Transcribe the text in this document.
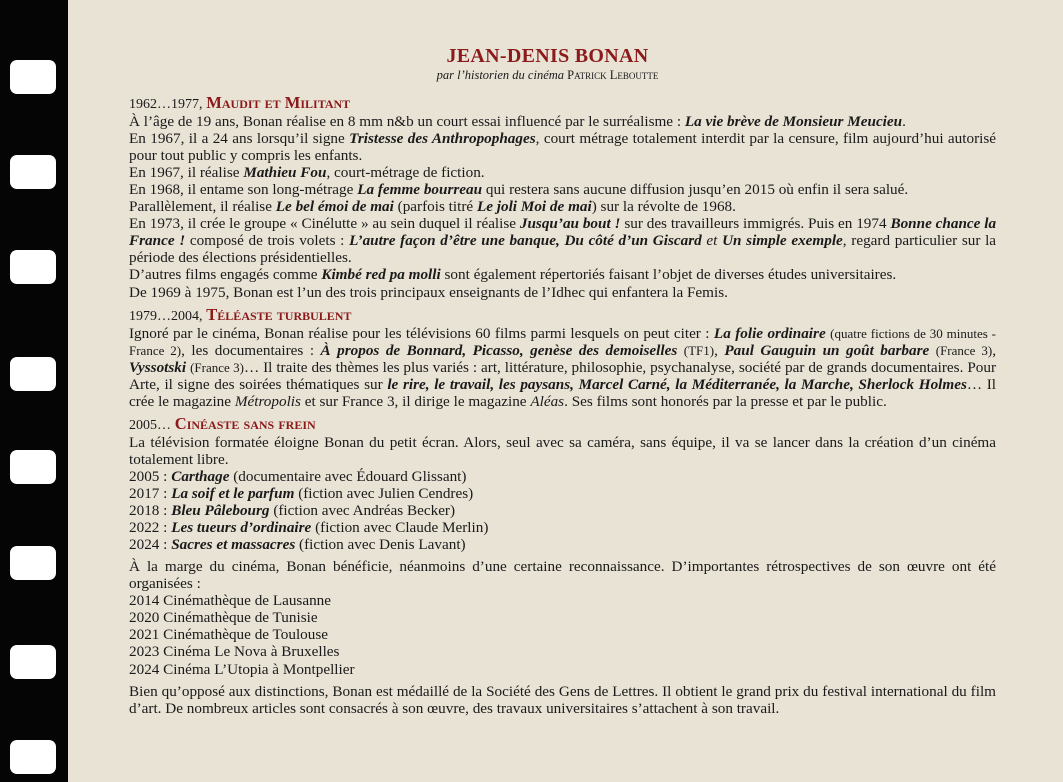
JEAN-DENIS BONAN
par l’historien du cinéma Patrick Leboutte
1962…1977, Maudit et Militant

À l’âge de 19 ans, Bonan réalise en 8 mm n&b un court essai influencé par le surréalisme : La vie brève de Monsieur Meucieu.

En 1967, il a 24 ans lorsqu’il signe Tristesse des Anthropophages, court métrage totalement interdit par la censure, film aujourd’hui autorisé pour tout public y compris les enfants.

En 1967, il réalise Mathieu Fou, court-métrage de fiction.

En 1968, il entame son long-métrage La femme bourreau qui restera sans aucune diffusion jusqu’en 2015 où enfin il sera salué.

Parallèlement, il réalise Le bel émoi de mai (parfois titré Le joli Moi de mai) sur la révolte de 1968.

En 1973, il crée le groupe « Cinélutte » au sein duquel il réalise Jusqu’au bout ! sur des travailleurs immigrés. Puis en 1974 Bonne chance la France ! composé de trois volets : L’autre façon d’être une banque, Du côté d’un Giscard et Un simple exemple, regard particulier sur la période des élections présidentielles.

D’autres films engagés comme Kimbé red pa molli sont également répertoriés faisant l’objet de diverses études universitaires.

De 1969 à 1975, Bonan est l’un des trois principaux enseignants de l’Idhec qui enfantera la Femis.

1979…2004, Téléaste turbulent

Ignoré par le cinéma, Bonan réalise pour les télévisions 60 films parmi lesquels on peut citer : La folie ordinaire (quatre fictions de 30 minutes - France 2), les documentaires : À propos de Bonnard, Picasso, genèse des demoiselles (TF1), Paul Gauguin un goût barbare (France 3), Vyssotski (France 3)… Il traite des thèmes les plus variés : art, littérature, philosophie, psychanalyse, société par de grands documentaires. Pour Arte, il signe des soirées thématiques sur le rire, le travail, les paysans, Marcel Carné, la Méditerranée, la Marche, Sherlock Holmes… Il crée le magazine Métropolis et sur France 3, il dirige le magazine Aléas. Ses films sont honorés par la presse et par le public.

2005… Cinéaste sans frein

La télévision formatée éloigne Bonan du petit écran. Alors, seul avec sa caméra, sans équipe, il va se lancer dans la création d’un cinéma totalement libre.

2005 : Carthage (documentaire avec Édouard Glissant)
2017 : La soif et le parfum (fiction avec Julien Cendres)
2018 : Bleu Pâlebourg (fiction avec Andréas Becker)
2022 : Les tueurs d’ordinaire (fiction avec Claude Merlin)
2024 : Sacres et massacres (fiction avec Denis Lavant)

À la marge du cinéma, Bonan bénéficie, néanmoins d’une certaine reconnaissance. D’importantes rétrospectives de son œuvre ont été organisées :

2014 Cinémathèque de Lausanne
2020 Cinémathèque de Tunisie
2021 Cinémathèque de Toulouse
2023 Cinéma Le Nova à Bruxelles
2024 Cinéma L’Utopia à Montpellier

Bien qu’opposé aux distinctions, Bonan est médaillé de la Société des Gens de Lettres. Il obtient le grand prix du festival international du film d’art. De nombreux articles sont consacrés à son œuvre, des travaux universitaires s’attachent à son travail.
